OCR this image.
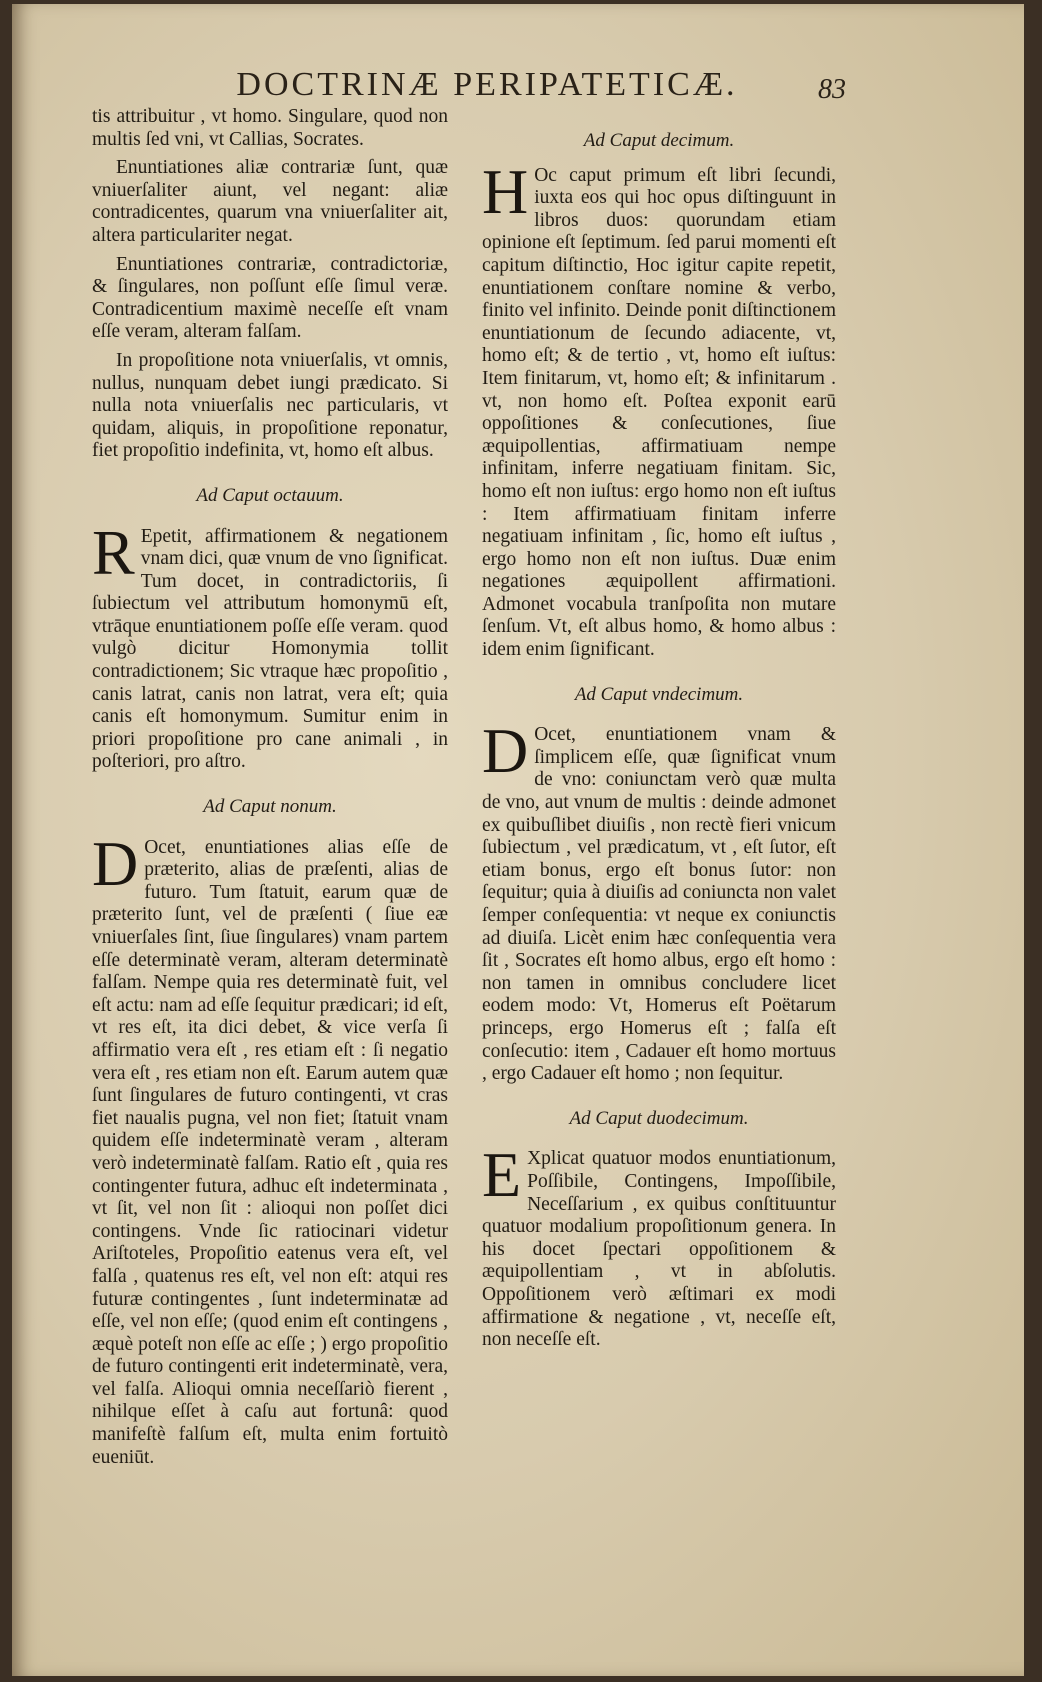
DOCTRINÆ PERIPATETICÆ.	83

tis attribuitur , vt homo. Singulare, quod non multis ſed vni, vt Callias, Socrates.

Enuntiationes aliæ contrariæ ſunt, quæ vniuerſaliter aiunt, vel negant: aliæ contradicentes, quarum vna vniuerſaliter ait, altera particulariter negat.

Enuntiationes contrariæ, contradictoriæ, & ſingulares, non poſſunt eſſe ſimul veræ. Contradicentium maximè neceſſe eſt vnam eſſe veram, alteram falſam.

In propoſitione nota vniuerſalis, vt omnis, nullus, nunquam debet iungi prædicato. Si nulla nota vniuerſalis nec particularis, vt quidam, aliquis, in propoſitione reponatur, fiet propoſitio indefinita, vt, homo eſt albus.

Ad Caput octauum.

R Epetit, affirmationem & negationem vnam dici, quæ vnum de vno ſignificat. Tum docet, in contradictoriis, ſi ſubiectum vel attributum homonymū eſt, vtrāque enuntiationem poſſe eſſe veram. quod vulgò dicitur Homonymia tollit contradictionem; Sic vtraque hæc propoſitio , canis latrat, canis non latrat, vera eſt; quia canis eſt homonymum. Sumitur enim in priori propoſitione pro cane animali , in poſteriori, pro aſtro.

Ad Caput nonum.

D Ocet, enuntiationes alias eſſe de præterito, alias de præſenti, alias de futuro. Tum ſtatuit, earum quæ de præterito ſunt, vel de præſenti ( ſiue eæ vniuerſales ſint, ſiue ſingulares) vnam partem eſſe determinatè veram, alteram determinatè falſam. Nempe quia res determinatè fuit, vel eſt actu: nam ad eſſe ſequitur prædicari; id eſt, vt res eſt, ita dici debet, & vice verſa ſi affirmatio vera eſt , res etiam eſt : ſi negatio vera eſt , res etiam non eſt. Earum autem quæ ſunt ſingulares de futuro contingenti, vt cras fiet naualis pugna, vel non fiet; ſtatuit vnam quidem eſſe indeterminatè veram , alteram verò indeterminatè falſam. Ratio eſt , quia res contingenter futura, adhuc eſt indeterminata , vt ſit, vel non ſit : alioqui non poſſet dici contingens. Vnde ſic ratiocinari videtur Ariſtoteles, Propoſitio eatenus vera eſt, vel falſa , quatenus res eſt, vel non eſt: atqui res futuræ contingentes , ſunt indeterminatæ ad eſſe, vel non eſſe; (quod enim eſt contingens , æquè poteſt non eſſe ac eſſe ; ) ergo propoſitio de futuro contingenti erit indeterminatè, vera, vel falſa. Alioqui omnia neceſſariò fierent , nihilque eſſet à caſu aut fortunâ: quod manifeſtè falſum eſt, multa enim fortuitò eueniūt.

Ad Caput decimum.

H Oc caput primum eſt libri ſecundi, iuxta eos qui hoc opus diſtinguunt in libros duos: quorundam etiam opinione eſt ſeptimum. ſed parui momenti eſt capitum diſtinctio, Hoc igitur capite repetit, enuntiationem conſtare nomine & verbo, finito vel infinito. Deinde ponit diſtinctionem enuntiationum de ſecundo adiacente, vt, homo eſt; & de tertio , vt, homo eſt iuſtus: Item finitarum, vt, homo eſt; & infinitarum . vt, non homo eſt. Poſtea exponit earū oppoſitiones & conſecutiones, ſiue æquipollentias, affirmatiuam nempe infinitam, inferre negatiuam finitam. Sic, homo eſt non iuſtus: ergo homo non eſt iuſtus : Item affirmatiuam finitam inferre negatiuam infinitam , ſic, homo eſt iuſtus , ergo homo non eſt non iuſtus. Duæ enim negationes æquipollent affirmationi. Admonet vocabula tranſpoſita non mutare ſenſum. Vt, eſt albus homo, & homo albus : idem enim ſignificant.

Ad Caput vndecimum.

D Ocet, enuntiationem vnam & ſimplicem eſſe, quæ ſignificat vnum de vno: coniunctam verò quæ multa de vno, aut vnum de multis : deinde admonet ex quibuſlibet diuiſis , non rectè fieri vnicum ſubiectum , vel prædicatum, vt , eſt ſutor, eſt etiam bonus, ergo eſt bonus ſutor: non ſequitur; quia à diuiſis ad coniuncta non valet ſemper conſequentia: vt neque ex coniunctis ad diuiſa. Licèt enim hæc conſequentia vera ſit , Socrates eſt homo albus, ergo eſt homo : non tamen in omnibus concludere licet eodem modo: Vt, Homerus eſt Poëtarum princeps, ergo Homerus eſt ; falſa eſt conſecutio: item , Cadauer eſt homo mortuus , ergo Cadauer eſt homo ; non ſequitur.

Ad Caput duodecimum.

E Xplicat quatuor modos enuntiationum, Poſſibile, Contingens, Impoſſibile, Neceſſarium , ex quibus conſtituuntur quatuor modalium propoſitionum genera. In his docet ſpectari oppoſitionem & æquipollentiam , vt in abſolutis. Oppoſitionem verò æſtimari ex modi affirmatione & negatione , vt, neceſſe eſt, non neceſſe eſt.
